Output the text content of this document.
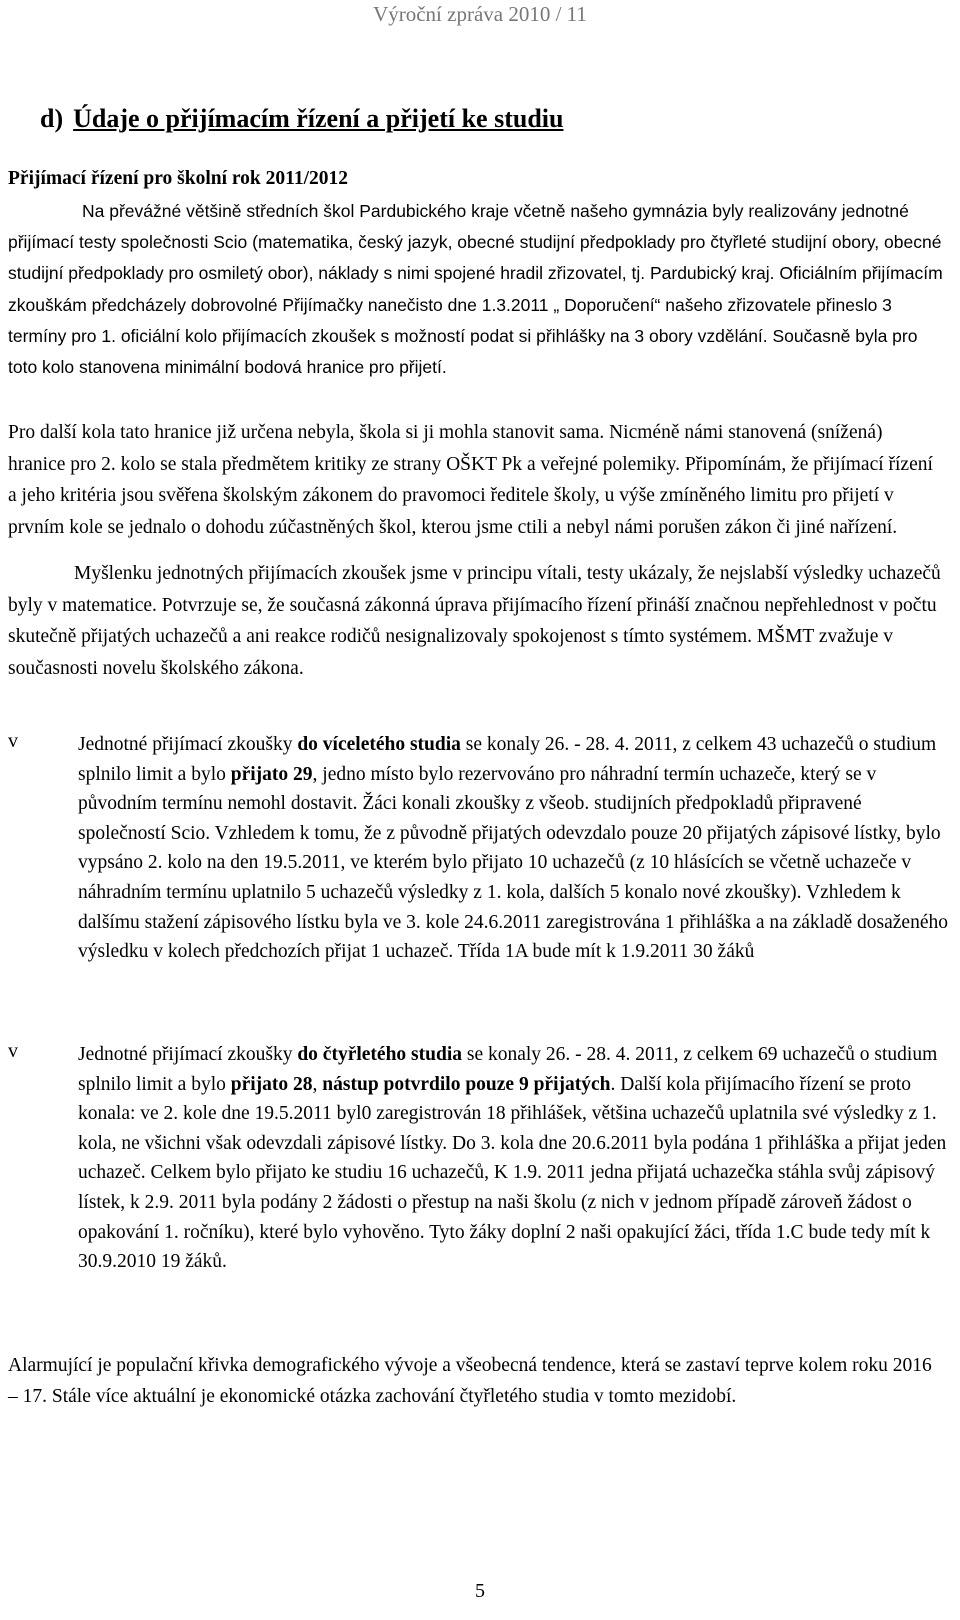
Výroční zpráva 2010 / 11
d) Údaje o přijímacím řízení a přijetí ke studiu
Přijímací řízení pro školní rok 2011/2012

Na převážné většině středních škol Pardubického kraje včetně našeho gymnázia byly realizovány jednotné přijímací testy společnosti Scio (matematika, český jazyk, obecné studijní předpoklady pro čtyřleté studijní obory, obecné studijní předpoklady pro osmiletý obor), náklady s nimi spojené hradil zřizovatel, tj. Pardubický kraj. Oficiálním přijímacím zkouškám předcházely dobrovolné Přijímačky nanečisto dne 1.3.2011 „ Doporučení“ našeho zřizovatele přineslo 3 termíny pro 1. oficiální kolo přijímacích zkoušek s možností podat si přihlášky na 3 obory vzdělání. Současně byla pro toto kolo stanovena minimální bodová hranice pro přijetí.

Pro další kola tato hranice již určena nebyla, škola si ji mohla stanovit sama. Nicméně námi stanovená (snížená) hranice pro 2. kolo se stala předmětem kritiky ze strany OŠKT Pk a veřejné polemiky. Připomínám, že přijímací řízení a jeho kritéria jsou svěřena školským zákonem do pravomoci ředitele školy, u výše zmíněného limitu pro přijetí v prvním kole se jednalo o dohodu zúčastněných škol, kterou jsme ctili a nebyl námi porušen zákon či jiné nařízení.

Myšlenku jednotných přijímacích zkoušek jsme v principu vítali, testy ukázaly, že nejslabší výsledky uchazečů byly v matematice. Potvrzuje se, že současná zákonná úprava přijímacího řízení přináší značnou nepřehlednost v počtu skutečně přijatých uchazečů a ani reakce rodičů nesignalizovaly spokojenost s tímto systémem. MŠMT zvažuje v současnosti novelu školského zákona.

v	Jednotné přijímací zkoušky do víceletého studia se konaly 26. - 28. 4. 2011, z celkem 43 uchazečů o studium splnilo limit a bylo přijato 29, jedno místo bylo rezervováno pro náhradní termín uchazeče, který se v původním termínu nemohl dostavit. Žáci konali zkoušky z všeob. studijních předpokladů připravené společností Scio. Vzhledem k tomu, že z původně přijatých odevzdalo pouze 20 přijatých zápisové lístky, bylo vypsáno 2. kolo na den 19.5.2011, ve kterém bylo přijato 10 uchazečů (z 10 hlásících se včetně uchazeče v náhradním termínu uplatnilo 5 uchazečů výsledky z 1. kola, dalších 5 konalo nové zkoušky). Vzhledem k dalšímu stažení zápisového lístku byla ve 3. kole 24.6.2011 zaregistrována 1 přihláška a na základě dosaženého výsledku v kolech předchozích přijat 1 uchazeč. Třída 1A bude mít k 1.9.2011 30 žáků

v	Jednotné přijímací zkoušky do čtyřletého studia se konaly 26. - 28. 4. 2011, z celkem 69 uchazečů o studium splnilo limit a bylo přijato 28, nástup potvrdilo pouze 9 přijatých. Další kola přijímacího řízení se proto konala: ve 2. kole dne 19.5.2011 byl0 zaregistrován 18 přihlášek, většina uchazečů uplatnila své výsledky z 1. kola, ne všichni však odevzdali zápisové lístky. Do 3. kola dne 20.6.2011 byla podána 1 přihláška a přijat jeden uchazeč. Celkem bylo přijato ke studiu 16 uchazečů, K 1.9. 2011 jedna přijatá uchazečka stáhla svůj zápisový lístek, k 2.9. 2011 byla podány 2 žádosti o přestup na naši školu (z nich v jednom případě zároveň žádost o opakování 1. ročníku), které bylo vyhověno. Tyto žáky doplní 2 naši opakující žáci, třída 1.C bude tedy mít k 30.9.2010 19 žáků.

Alarmující je populační křivka demografického vývoje a všeobecná tendence, která se zastaví teprve kolem roku 2016 – 17. Stále více aktuální je ekonomické otázka zachování čtyřletého studia v tomto mezidobí.

5
